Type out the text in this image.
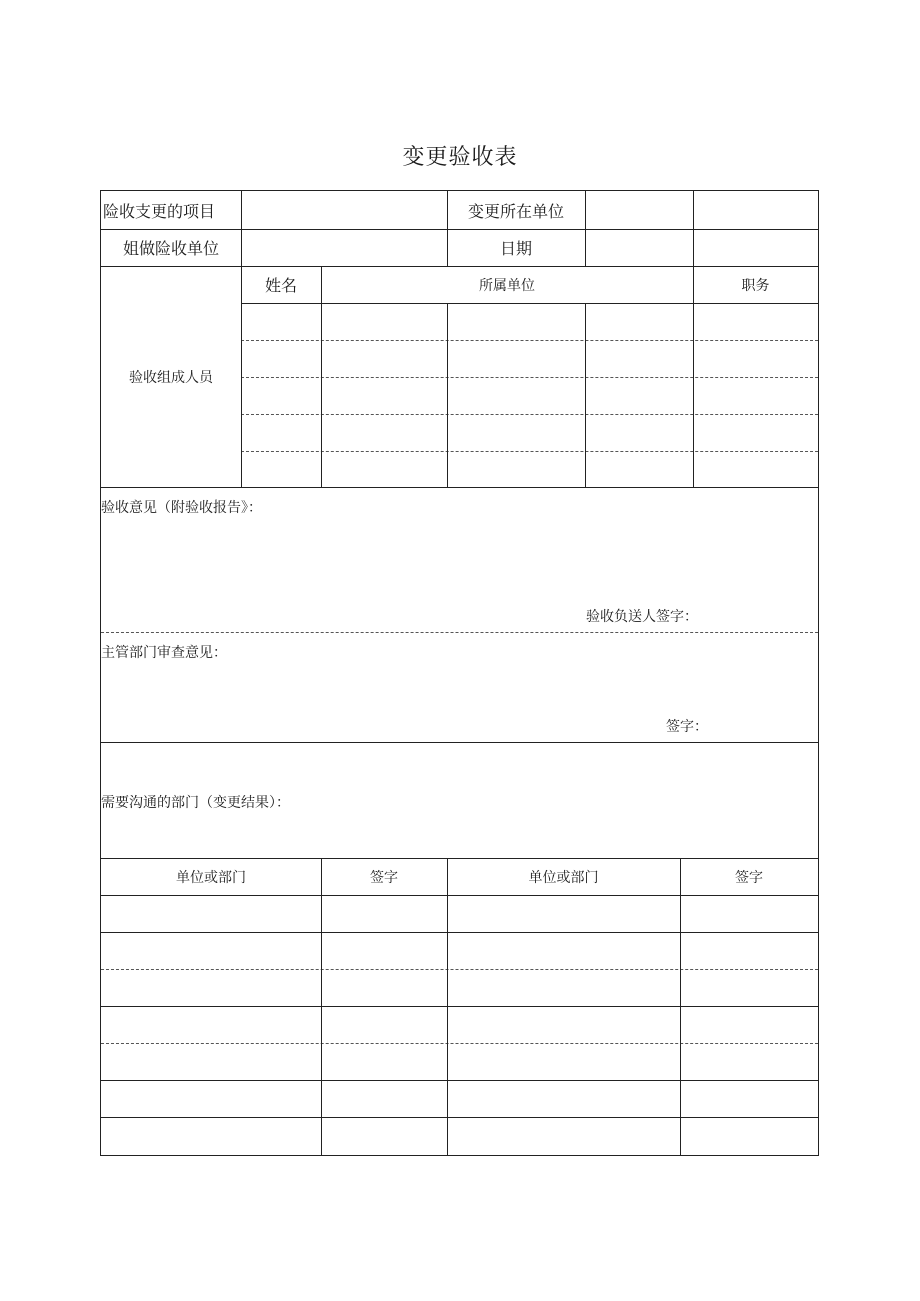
变更验收表
险收支更的项目	变更所在单位
姐做险收单位	日期
验收组成人员
姓名	所属单位	职务
验收意见（附验收报告》：
验收负送人签字：
主管部门审查意见：
签字：
需要沟通的部门（变更结果）：
单位或部门	签字	单位或部门	签字
